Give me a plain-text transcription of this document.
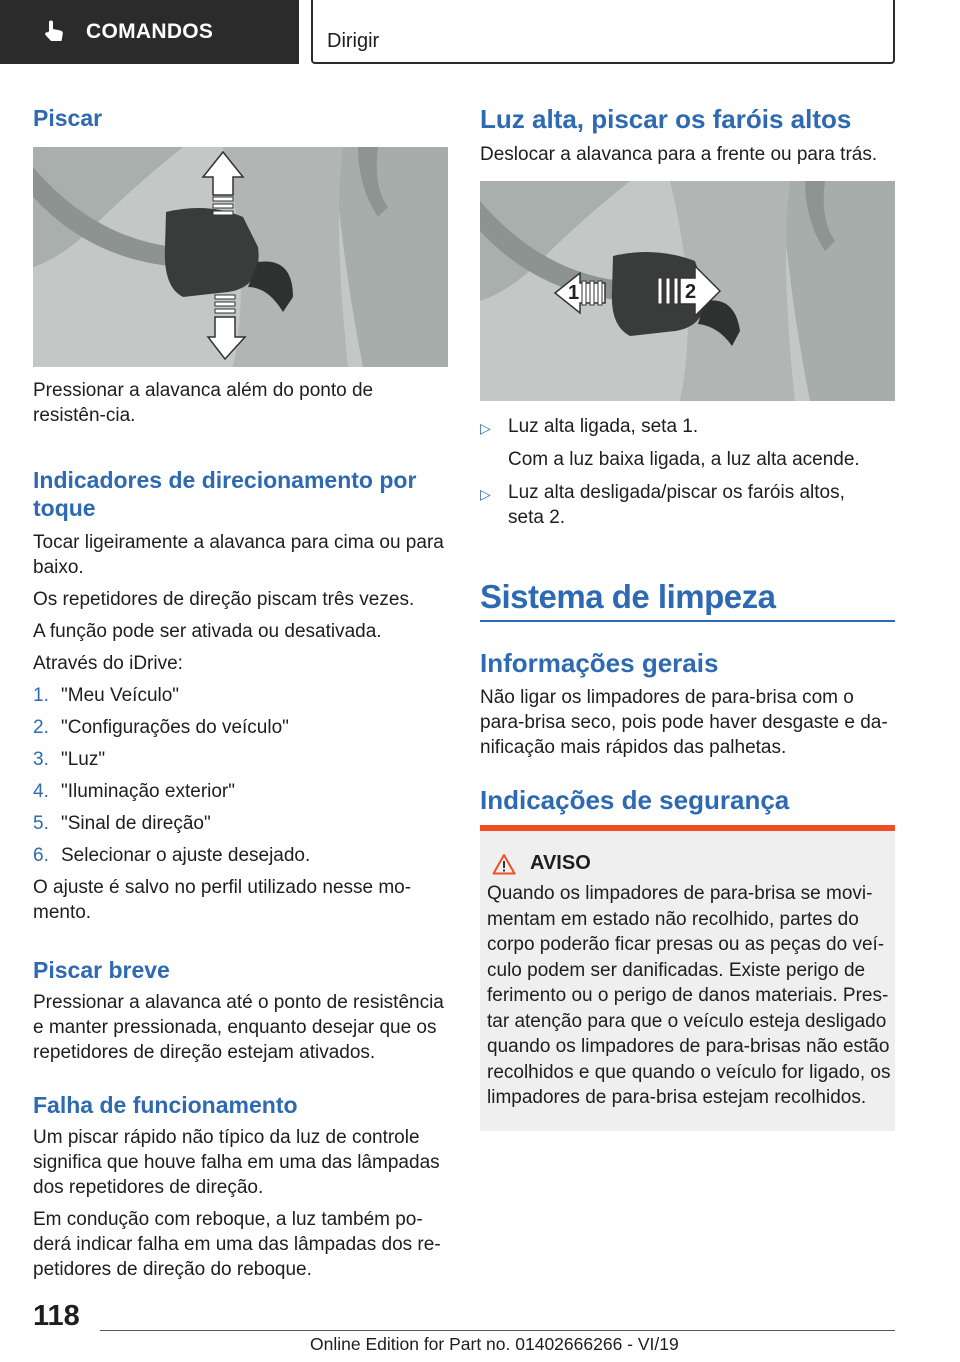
COMANDOS	Dirigir
Piscar

Pressionar a alavanca além do ponto de resistên-cia.

Indicadores de direcionamento por toque

Tocar ligeiramente a alavanca para cima ou para baixo.

Os repetidores de direção piscam três vezes.

A função pode ser ativada ou desativada.

Através do iDrive:

1. "Meu Veículo"
2. "Configurações do veículo"
3. "Luz"
4. "Iluminação exterior"
5. "Sinal de direção"
6. Selecionar o ajuste desejado.

O ajuste é salvo no perfil utilizado nesse mo-mento.

Piscar breve

Pressionar a alavanca até o ponto de resistência e manter pressionada, enquanto desejar que os repetidores de direção estejam ativados.

Falha de funcionamento

Um piscar rápido não típico da luz de controle significa que houve falha em uma das lâmpadas dos repetidores de direção.

Em condução com reboque, a luz também po-derá indicar falha em uma das lâmpadas dos re-petidores de direção do reboque.

Luz alta, piscar os faróis altos

Deslocar a alavanca para a frente ou para trás.

1	2
▷ Luz alta ligada, seta 1.
Com a luz baixa ligada, a luz alta acende.
▷ Luz alta desligada/piscar os faróis altos, seta 2.
Sistema de limpeza
Informações gerais

Não ligar os limpadores de para-brisa com o para-brisa seco, pois pode haver desgaste e da-nificação mais rápidos das palhetas.

Indicações de segurança
AVISO
Quando os limpadores de para-brisa se movi-mentam em estado não recolhido, partes do corpo poderão ficar presas ou as peças do veí-culo podem ser danificadas. Existe perigo de ferimento ou o perigo de danos materiais. Pres-tar atenção para que o veículo esteja desligado quando os limpadores de para-brisas não estão recolhidos e que quando o veículo for ligado, os limpadores de para-brisa estejam recolhidos.
118
Online Edition for Part no. 01402666266 - VI/19
